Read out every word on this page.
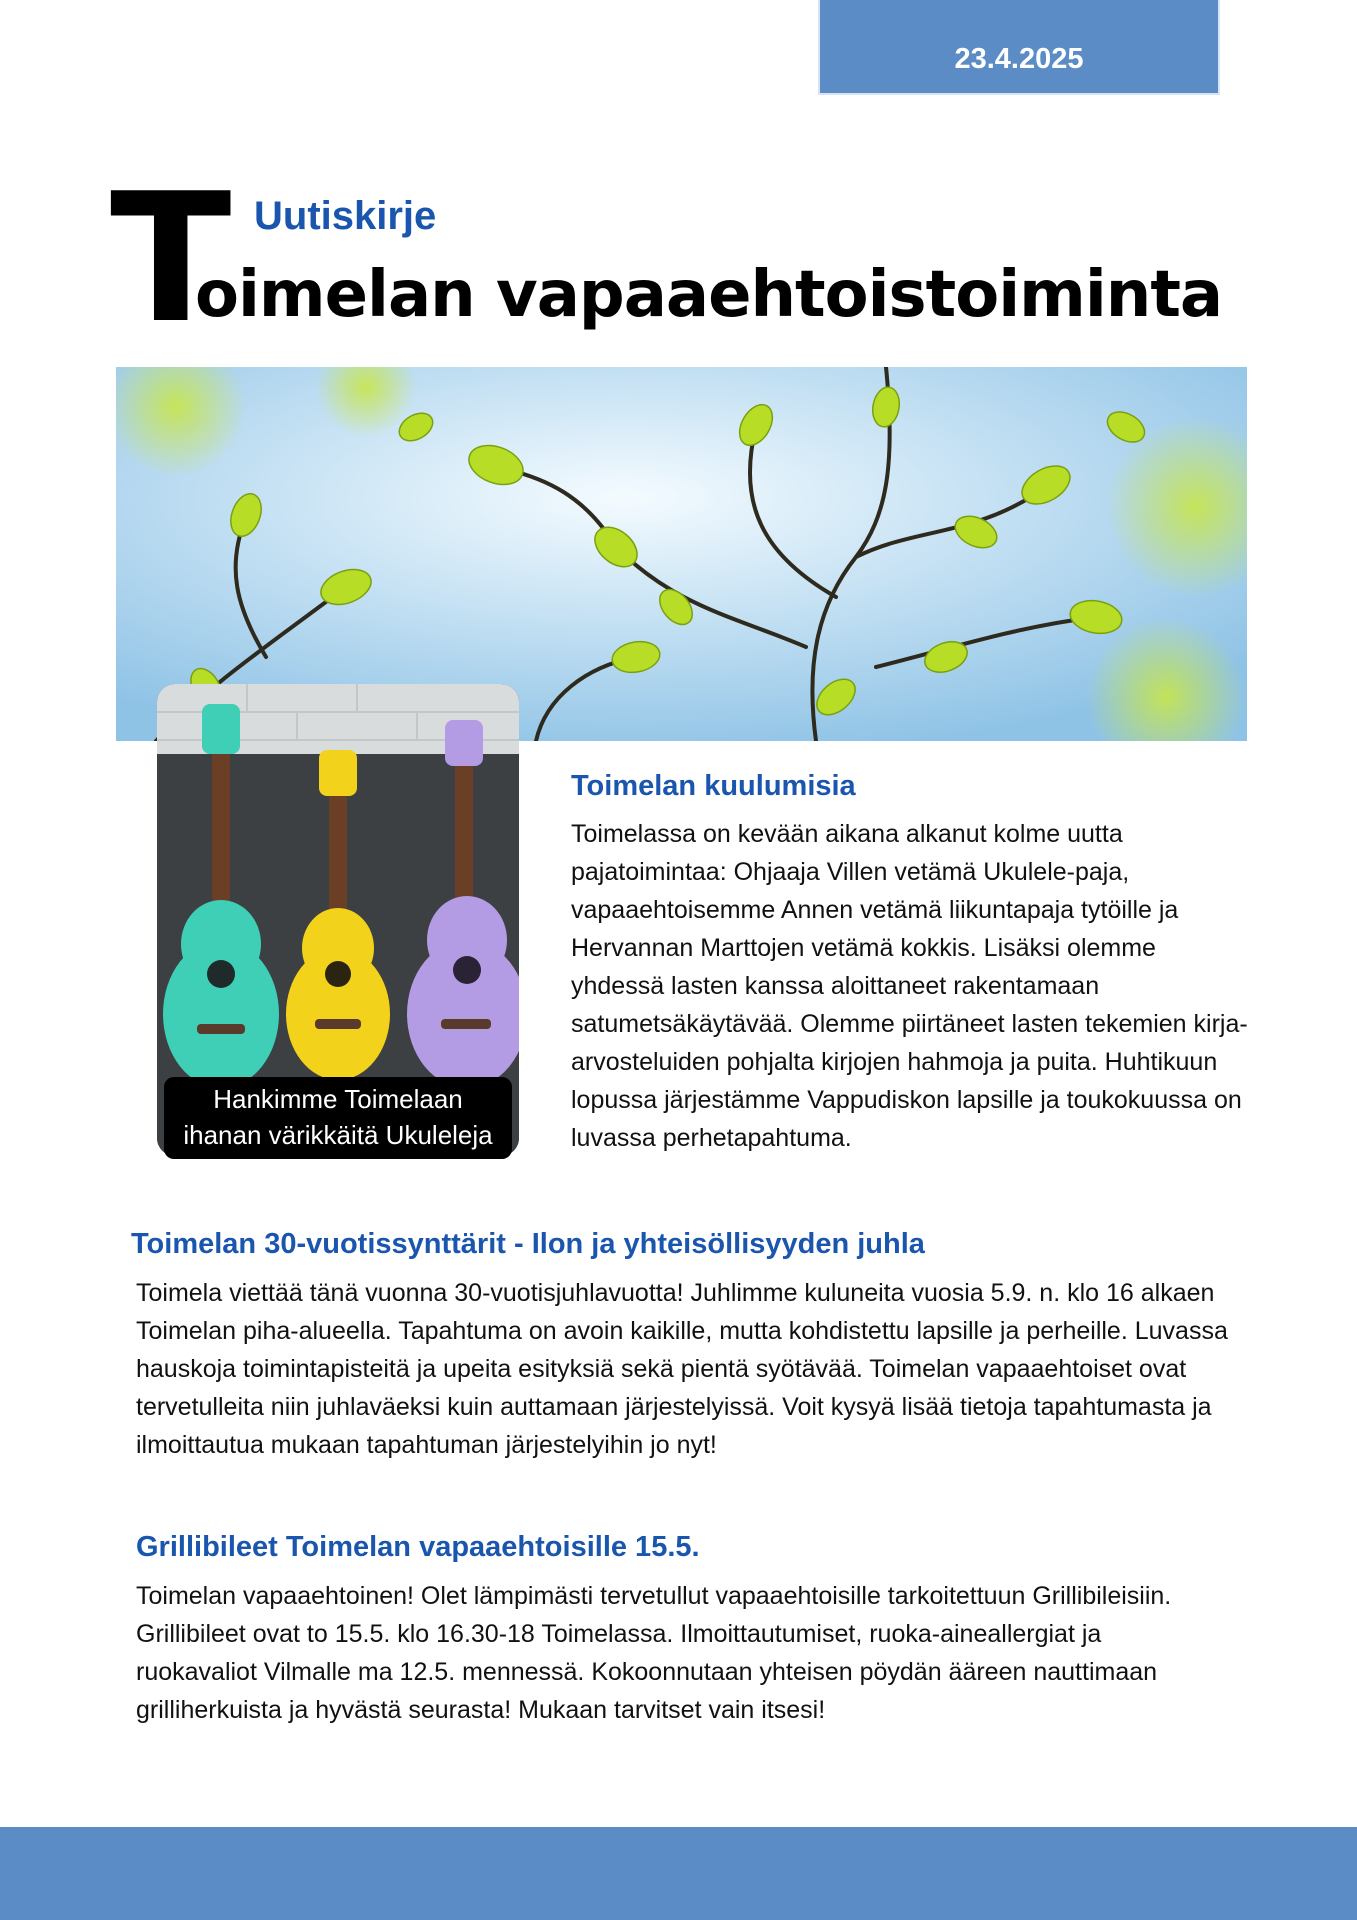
23.4.2025
T Uutiskirje
oimelan vapaaehtoistoiminta
Hankimme Toimelaan
ihanan värikkäitä Ukuleleja
Toimelan kuulumisia

Toimelassa on kevään aikana alkanut kolme uutta pajatoimintaa: Ohjaaja Villen vetämä Ukulele-paja, vapaaehtoisemme Annen vetämä liikuntapaja tytöille ja Hervannan Marttojen vetämä kokkis. Lisäksi olemme yhdessä lasten kanssa aloittaneet rakentamaan satumetsäkäytävää. Olemme piirtäneet lasten tekemien kirja-arvosteluiden pohjalta kirjojen hahmoja ja puita. Huhtikuun lopussa järjestämme Vappudiskon lapsille ja toukokuussa on luvassa perhetapahtuma.

Toimelan 30-vuotissynttärit - Ilon ja yhteisöllisyyden juhla

Toimela viettää tänä vuonna 30-vuotisjuhlavuotta! Juhlimme kuluneita vuosia 5.9. n. klo 16 alkaen Toimelan piha-alueella. Tapahtuma on avoin kaikille, mutta kohdistettu lapsille ja perheille. Luvassa hauskoja toimintapisteitä ja upeita esityksiä sekä pientä syötävää. Toimelan vapaaehtoiset ovat tervetulleita niin juhlaväeksi kuin auttamaan järjestelyissä. Voit kysyä lisää tietoja tapahtumasta ja ilmoittautua mukaan tapahtuman järjestelyihin jo nyt!

Grillibileet Toimelan vapaaehtoisille 15.5.

Toimelan vapaaehtoinen! Olet lämpimästi tervetullut vapaaehtoisille tarkoitettuun Grillibileisiin. Grillibileet ovat to 15.5. klo 16.30-18 Toimelassa. Ilmoittautumiset, ruoka-aineallergiat ja ruokavaliot Vilmalle ma 12.5. mennessä. Kokoonnutaan yhteisen pöydän ääreen nauttimaan grilliherkuista ja hyvästä seurasta! Mukaan tarvitset vain itsesi!
